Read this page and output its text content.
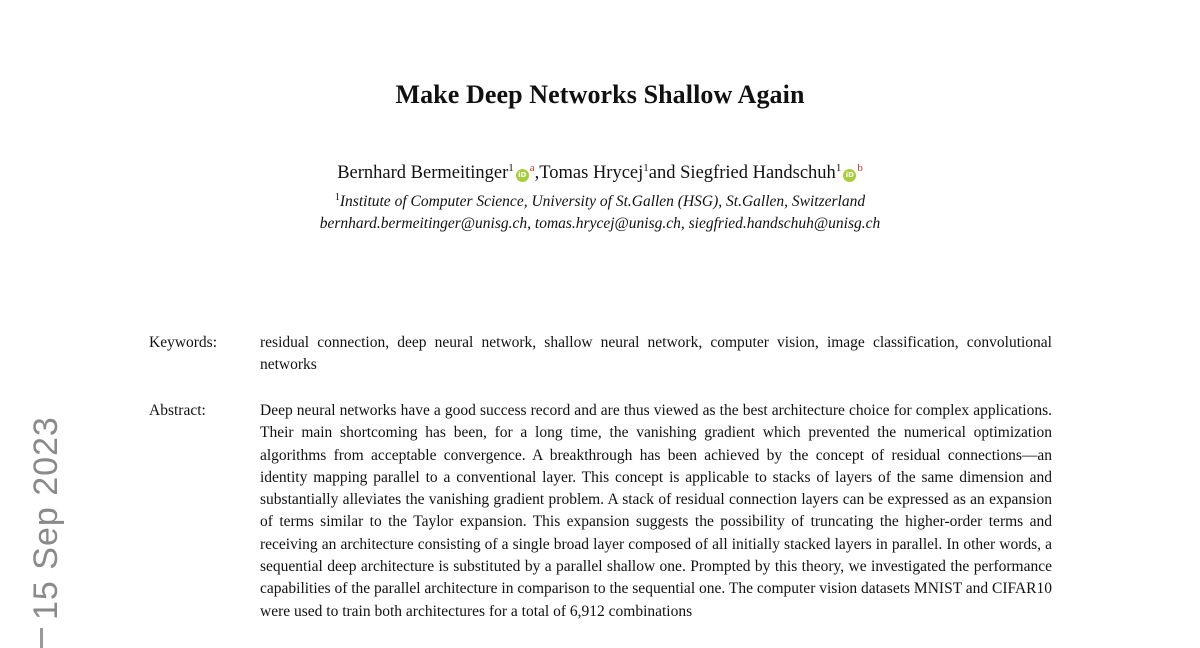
Make Deep Networks Shallow Again
Bernhard Bermeitinger$^1$iD$^a$,Tomas Hrycej$^1$and Siegfried Handschuh$^1$iD$^b$
$^1$Institute of Computer Science, University of St.Gallen (HSG), St.Gallen, Switzerland
bernhard.bermeitinger@unisg.ch, tomas.hrycej@unisg.ch, siegfried.handschuh@unisg.ch
Keywords:	residual connection, deep neural network, shallow neural network, computer vision, image classification, convolutional networks
Abstract:	Deep neural networks have a good success record and are thus viewed as the best architecture choice for complex applications. Their main shortcoming has been, for a long time, the vanishing gradient which prevented the numerical optimization algorithms from acceptable convergence. A breakthrough has been achieved by the concept of residual connections—an identity mapping parallel to a conventional layer. This concept is applicable to stacks of layers of the same dimension and substantially alleviates the vanishing gradient problem. A stack of residual connection layers can be expressed as an expansion of terms similar to the Taylor expansion. This expansion suggests the possibility of truncating the higher-order terms and receiving an architecture consisting of a single broad layer composed of all initially stacked layers in parallel. In other words, a sequential deep architecture is substituted by a parallel shallow one. Prompted by this theory, we investigated the performance capabilities of the parallel architecture in comparison to the sequential one. The computer vision datasets MNIST and CIFAR10 were used to train both architectures for a total of 6,912 combinations
15 Sep 2023
